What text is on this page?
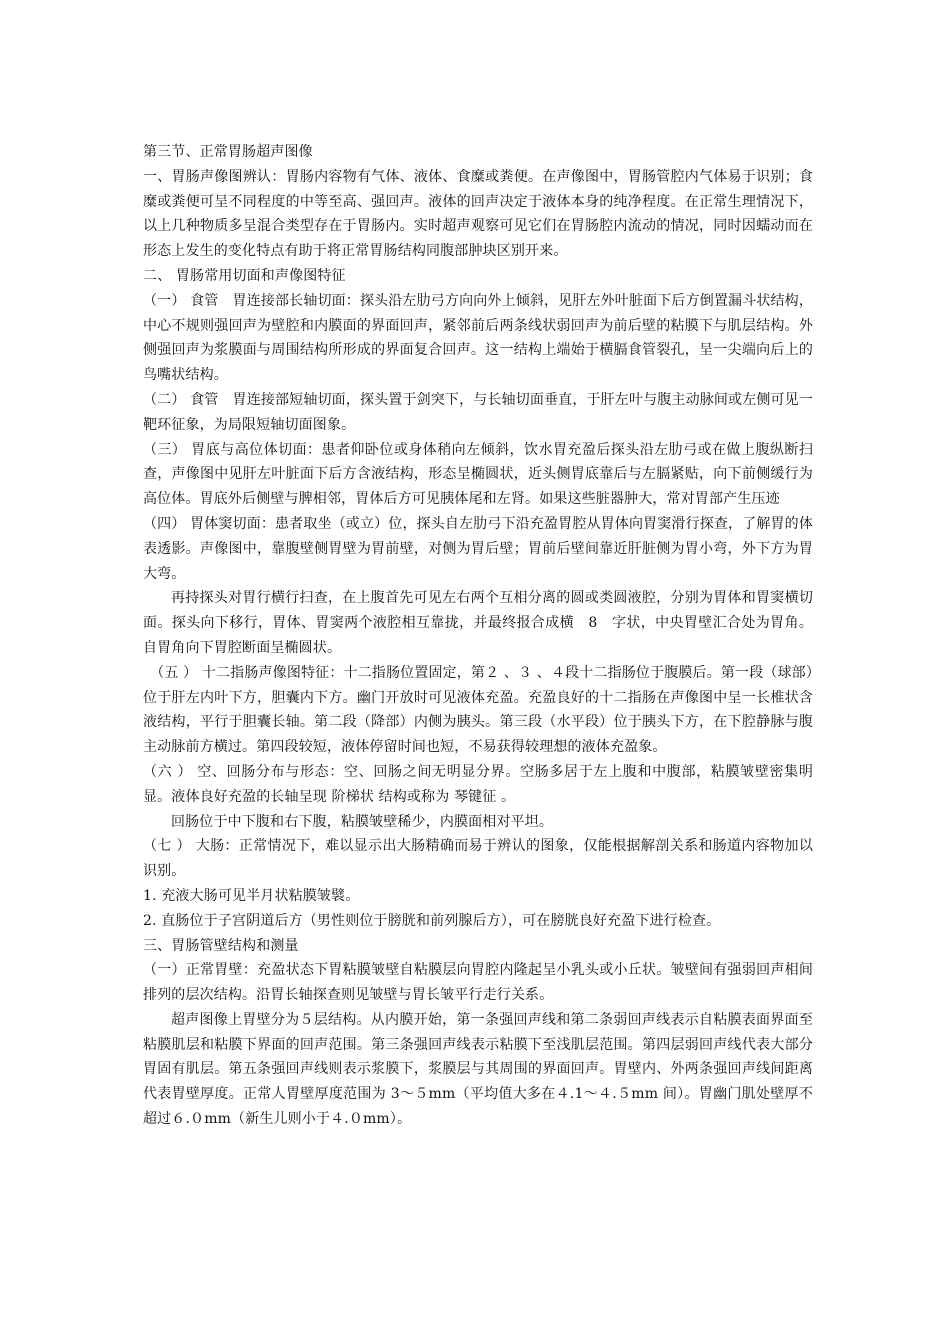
第三节、正常胃肠超声图像

一、胃肠声像图辨认：胃肠内容物有气体、液体、食糜或粪便。在声像图中，胃肠管腔内气体易于识别；食糜或粪便可呈不同程度的中等至高、强回声。液体的回声决定于液体本身的纯净程度。在正常生理情况下，以上几种物质多呈混合类型存在于胃肠内。实时超声观察可见它们在胃肠腔内流动的情况，同时因蠕动而在形态上发生的变化特点有助于将正常胃肠结构同腹部肿块区别开来。

二、 胃肠常用切面和声像图特征

（一） 食管　胃连接部长轴切面：探头沿左肋弓方向向外上倾斜，见肝左外叶脏面下后方倒置漏斗状结构，中心不规则强回声为壁腔和内膜面的界面回声，紧邻前后两条线状弱回声为前后壁的粘膜下与肌层结构。外侧强回声为浆膜面与周围结构所形成的界面复合回声。这一结构上端始于横膈食管裂孔，呈一尖端向后上的鸟嘴状结构。

（二） 食管　胃连接部短轴切面，探头置于剑突下，与长轴切面垂直，于肝左叶与腹主动脉间或左侧可见一靶环征象，为局限短轴切面图象。

（三） 胃底与高位体切面：患者仰卧位或身体稍向左倾斜，饮水胃充盈后探头沿左肋弓或在做上腹纵断扫查，声像图中见肝左叶脏面下后方含液结构，形态呈椭圆状，近头侧胃底靠后与左膈紧贴，向下前侧缓行为高位体。胃底外后侧壁与脾相邻，胃体后方可见胰体尾和左肾。如果这些脏器肿大，常对胃部产生压迹

（四） 胃体窦切面：患者取坐（或立）位，探头自左肋弓下沿充盈胃腔从胃体向胃窦滑行探查，了解胃的体表透影。声像图中，靠腹壁侧胃壁为胃前壁，对侧为胃后壁；胃前后壁间靠近肝脏侧为胃小弯，外下方为胃大弯。

再持探头对胃行横行扫查，在上腹首先可见左右两个互相分离的圆或类圆液腔，分别为胃体和胃窦横切面。探头向下移行，胃体、胃窦两个液腔相互靠拢，并最终报合成横　8　字状，中央胃壁汇合处为胃角。自胃角向下胃腔断面呈椭圆状。

　（五 ） 十二指肠声像图特征：十二指肠位置固定，第２ 、３ 、４段十二指肠位于腹膜后。第一段（球部）位于肝左内叶下方，胆囊内下方。幽门开放时可见液体充盈。充盈良好的十二指肠在声像图中呈一长椎状含液结构，平行于胆囊长轴。第二段（降部）内侧为胰头。第三段（水平段）位于胰头下方，在下腔静脉与腹主动脉前方横过。第四段较短，液体停留时间也短，不易获得较理想的液体充盈象。

（六 ） 空、回肠分布与形态：空、回肠之间无明显分界。空肠多居于左上腹和中腹部，粘膜皱壁密集明显。液体良好充盈的长轴呈现 阶梯状 结构或称为 琴键征 。

回肠位于中下腹和右下腹，粘膜皱壁稀少，内膜面相对平坦。

（七 ） 大肠：正常情况下，难以显示出大肠精确而易于辨认的图象，仅能根据解剖关系和肠道内容物加以识别。

1. 充液大肠可见半月状粘膜皱襞。

2. 直肠位于子宫阴道后方（男性则位于膀胱和前列腺后方），可在膀胱良好充盈下进行检查。

三、胃肠管壁结构和测量

（一）正常胃壁：充盈状态下胃粘膜皱壁自粘膜层向胃腔内隆起呈小乳头或小丘状。皱壁间有强弱回声相间排列的层次结构。沿胃长轴探查则见皱壁与胃长皱平行走行关系。

超声图像上胃壁分为５层结构。从内膜开始，第一条强回声线和第二条弱回声线表示自粘膜表面界面至粘膜肌层和粘膜下界面的回声范围。第三条强回声线表示粘膜下至浅肌层范围。第四层弱回声线代表大部分胃固有肌层。第五条强回声线则表示浆膜下，浆膜层与其周围的界面回声。胃壁内、外两条强回声线间距离代表胃壁厚度。正常人胃壁厚度范围为 3～５mm（平均值大多在４.1～４.５mm 间）。胃幽门肌处壁厚不超过６.０mm（新生儿则小于４.０mm）。
